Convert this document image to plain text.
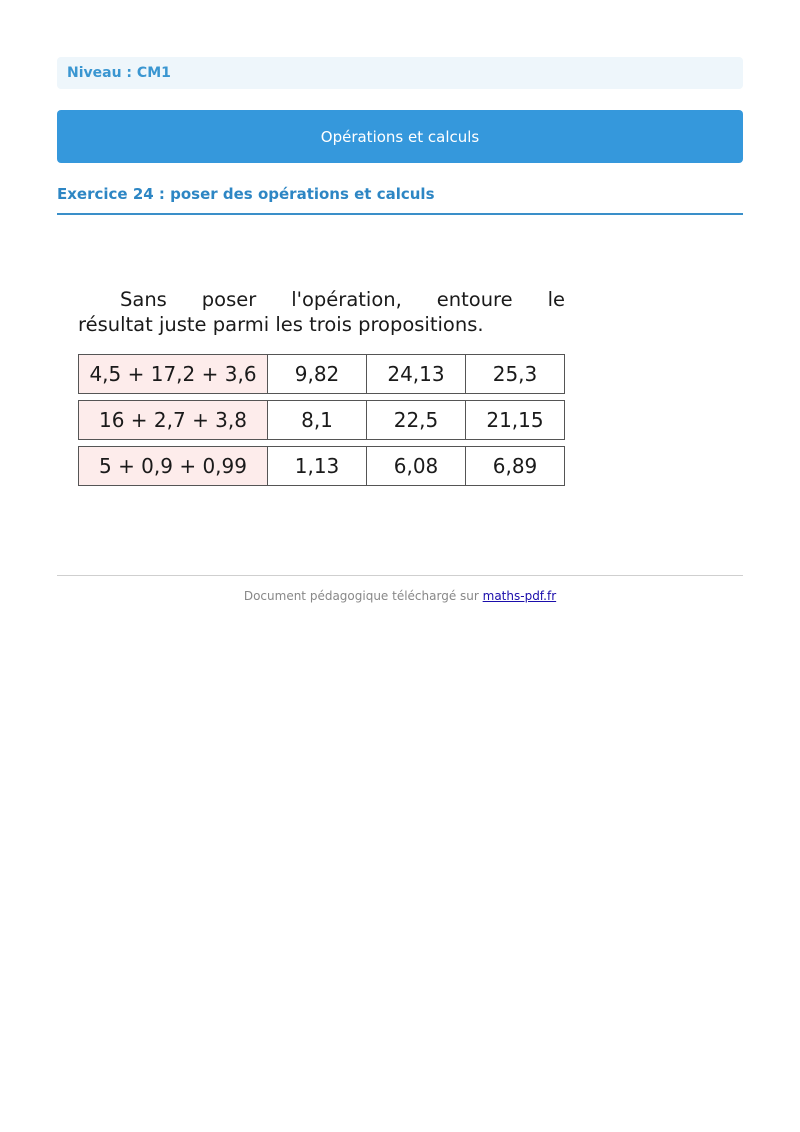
Niveau : CM1
Opérations et calculs
Exercice 24 : poser des opérations et calculs
Sans poser l'opération, entoure le
résultat juste parmi les trois propositions.
4,5 + 17,2 + 3,6	9,82	24,13	25,3
16 + 2,7 + 3,8	8,1	22,5	21,15
5 + 0,9 + 0,99	1,13	6,08	6,89
Document pédagogique téléchargé sur maths-pdf.fr
